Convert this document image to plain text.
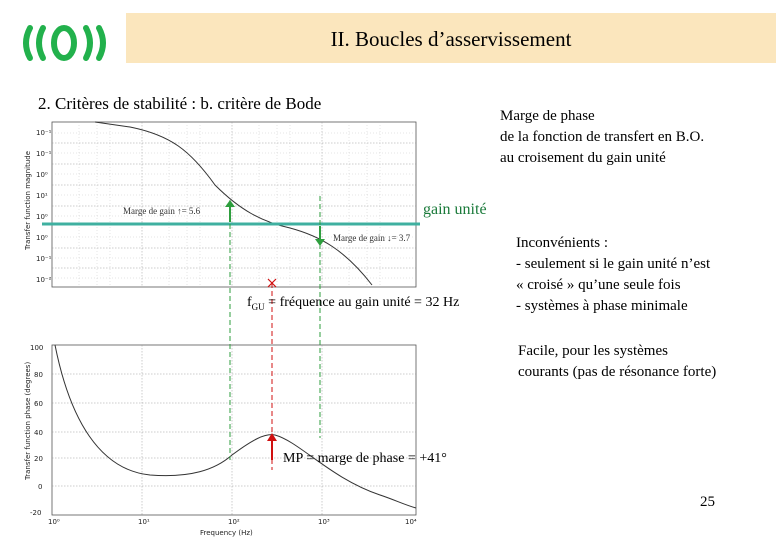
II. Boucles d’asservissement
2. Critères de stabilité : b. critère de Bode
10⁻¹
10⁻¹
10⁰
10¹
10⁰
10⁰
10⁻¹
10⁻²
Transfer function magnitude
100
80
60
40
20
0
-20
Transfer function phase (degrees)
10⁰	10¹	10²	10³	10⁴
Frequency (Hz)
gain unité
Marge de gain ↑= 5.6
Marge de gain ↓= 3.7
$f_{GU}$ = fréquence au gain unité = 32 Hz
MP = marge de phase = +41°
Marge de phase
de la fonction de transfert en B.O.
au croisement du gain unité
Inconvénients :
- seulement si le gain unité n’est
« croisé » qu’une seule fois
- systèmes à phase minimale
Facile, pour les systèmes
courants (pas de résonance forte)
25
